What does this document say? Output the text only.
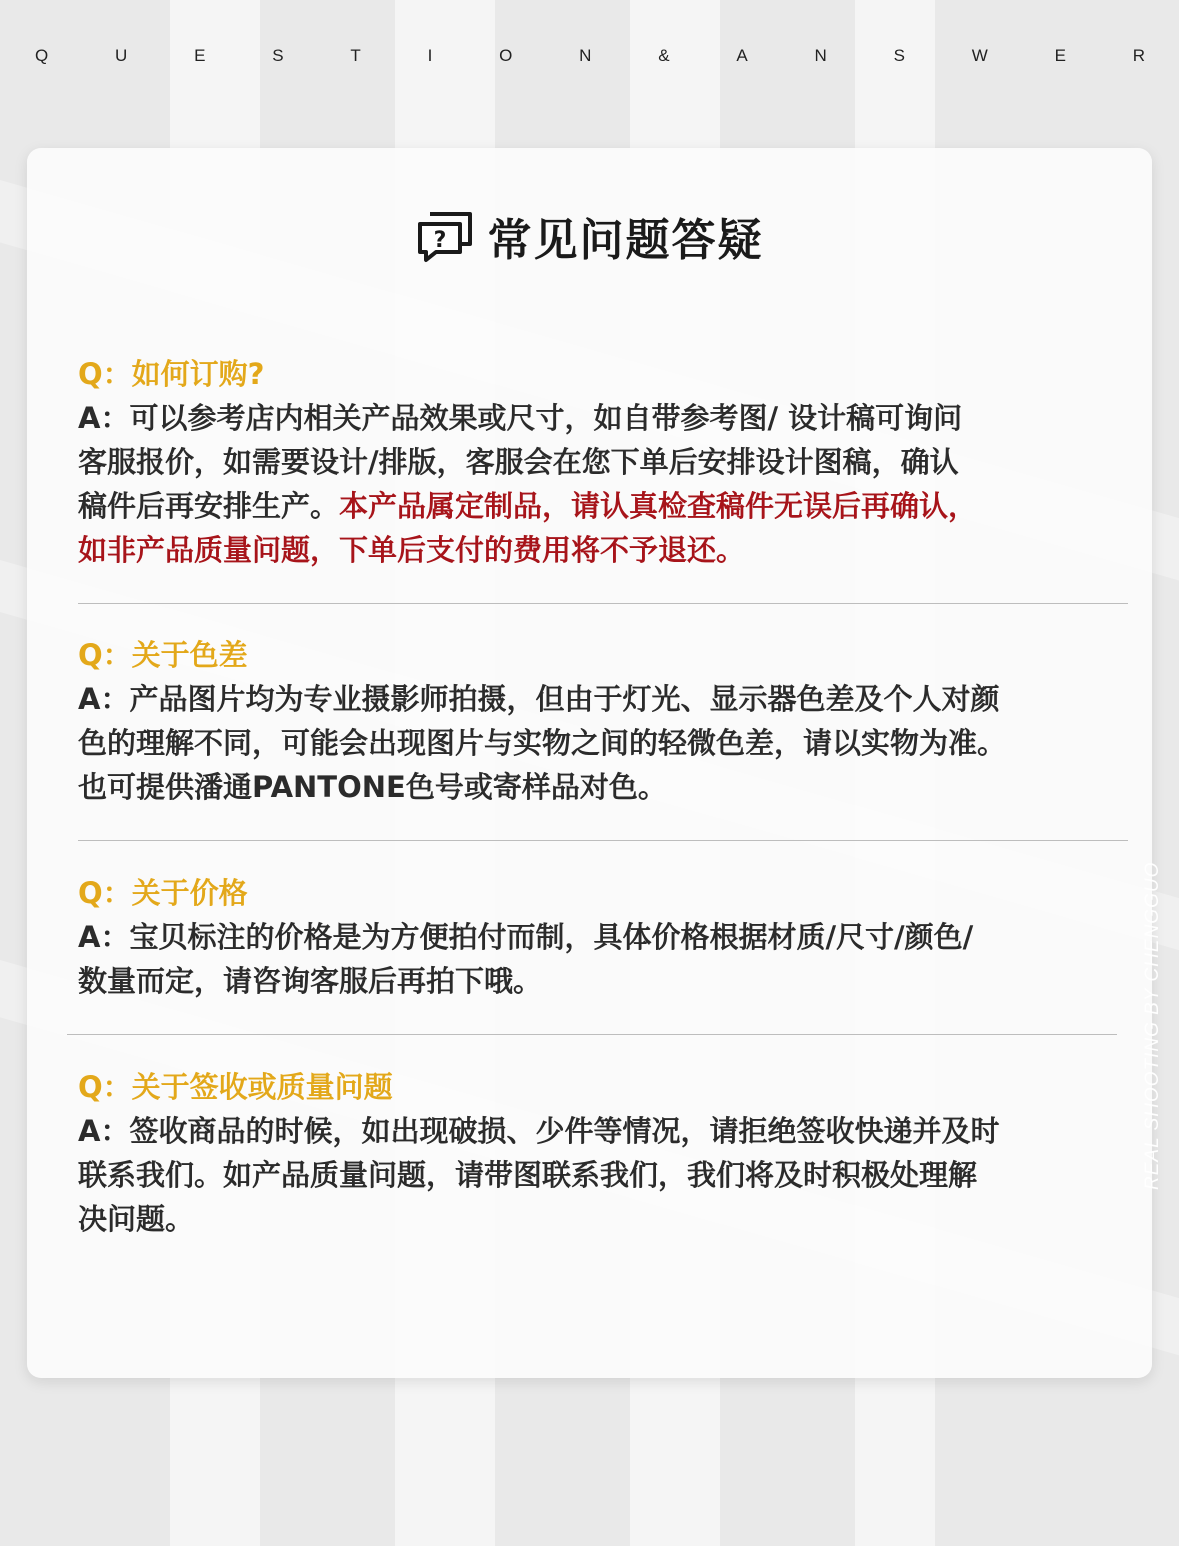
Q	U	E	S	T	I	O	N	&	A	N	S	W	E	R
? 常见问题答疑

Q：如何订购?

A：可以参考店内相关产品效果或尺寸，如自带参考图/ 设计稿可询问
客服报价，如需要设计/排版，客服会在您下单后安排设计图稿，确认
稿件后再安排生产。本产品属定制品，请认真检查稿件无误后再确认，
如非产品质量问题，下单后支付的费用将不予退还。

Q：关于色差

A：产品图片均为专业摄影师拍摄，但由于灯光、显示器色差及个人对颜
色的理解不同，可能会出现图片与实物之间的轻微色差，请以实物为准。
也可提供潘通PANTONE色号或寄样品对色。

Q：关于价格

A：宝贝标注的价格是为方便拍付而制，具体价格根据材质/尺寸/颜色/
数量而定，请咨询客服后再拍下哦。

Q：关于签收或质量问题

A：签收商品的时候，如出现破损、少件等情况，请拒绝签收快递并及时
联系我们。如产品质量问题，请带图联系我们，我们将及时积极处理解
决问题。

REAL SHOOTING BY CHENGGUO
